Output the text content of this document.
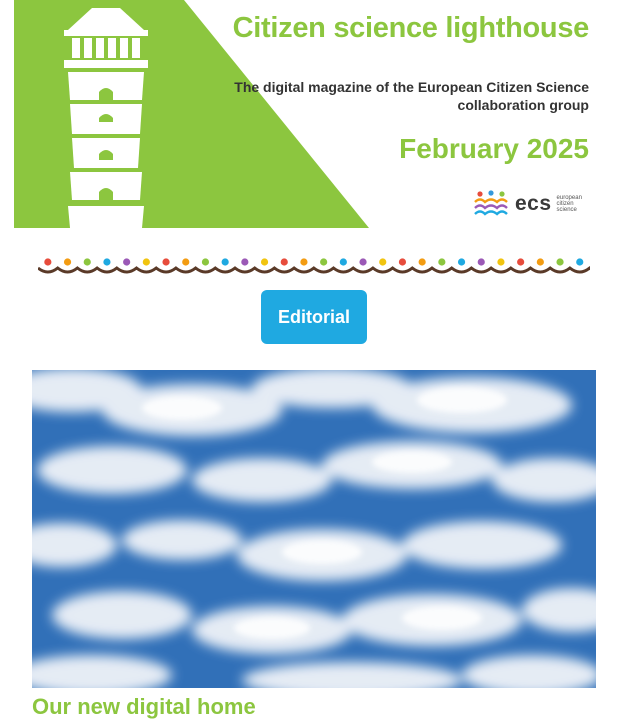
Citizen science lighthouse

The digital magazine of the European Citizen Science collaboration group

February 2025
ecs european
citizen
science
Editorial
Our new digital home
